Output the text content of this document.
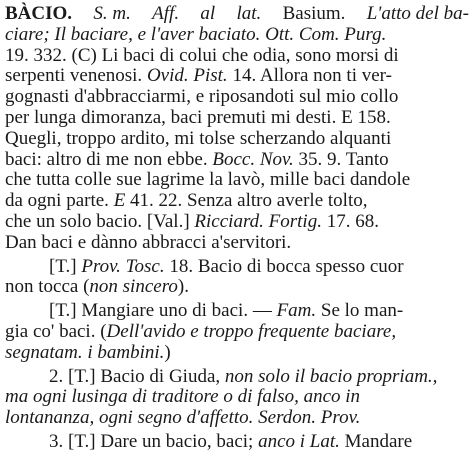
BÀCIO. S. m. Aff. al lat. Basium. L'atto del ba-
ciare; Il baciare, e l'aver baciato. Ott. Com. Purg.
19. 332. (C) Li baci di colui che odia, sono morsi di
serpenti venenosi. Ovid. Pist. 14. Allora non ti ver-
gognasti d'abbracciarmi, e riposandoti sul mio collo
per lunga dimoranza, baci premuti mi desti. E 158.
Quegli, troppo ardito, mi tolse scherzando alquanti
baci: altro di me non ebbe. Bocc. Nov. 35. 9. Tanto
che tutta colle sue lagrime la lavò, mille baci dandole
da ogni parte. E 41. 22. Senza altro averle tolto,
che un solo bacio. [Val.] Ricciard. Fortig. 17. 68.
Dan baci e dànno abbracci a'servitori.
[T.] Prov. Tosc. 18. Bacio di bocca spesso cuor
non tocca (non sincero).
[T.] Mangiare uno di baci. — Fam. Se lo man-
gia co' baci. (Dell'avido e troppo frequente baciare,
segnatam. i bambini.)
2. [T.] Bacio di Giuda, non solo il bacio propriam.,
ma ogni lusinga di traditore o di falso, anco in
lontananza, ogni segno d'affetto. Serdon. Prov.
3. [T.] Dare un bacio, baci; anco i Lat. Mandare
